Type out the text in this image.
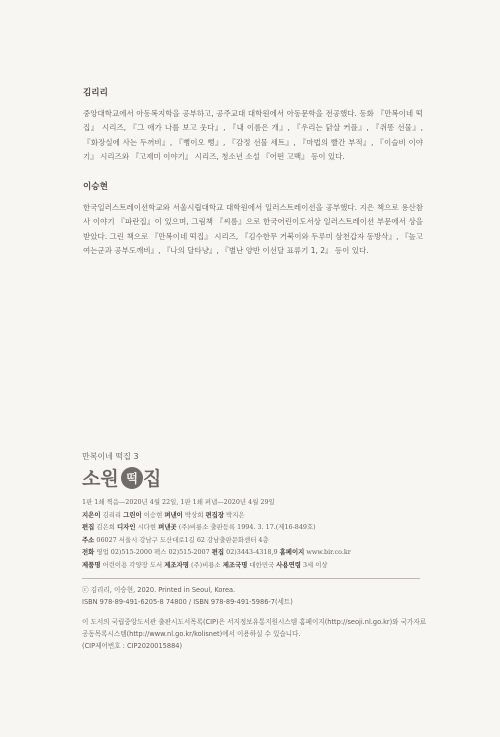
김리리

중앙대학교에서 아동복지학을 공부하고, 공주교대 대학원에서 아동문학을 전공했다. 동화 『만복이네 떡집』 시리즈, 『그 애가 나를 보고 웃다』, 『내 이름은 개』, 『우리는 닭살 커플』, 『쥐똥 선물』, 『화장실에 사는 두꺼비』, 『뻥이오 뻥』, 『감정 선물 세트』, 『마법의 빨간 부적』, 『이슬비 이야기』 시리즈와 『고제미 이야기』 시리즈, 청소년 소설 『어떤 고백』 등이 있다.

이승현

한국일러스트레이션학교와 서울시립대학교 대학원에서 일러스트레이션을 공부했다. 지은 책으로 용산참사 이야기 『파란집』이 있으며, 그림책 『씨름』으로 한국어린이도서상 일러스트레이션 부문에서 상을 받았다. 그린 책으로 『만복이네 떡집』 시리즈, 『김수한무 거북이와 두루미 삼천갑자 동방삭』, 『높고여는군과 공부도깨비』, 『나의 달타냥』, 『별난 양반 이선달 표류기 1, 2』 등이 있다.

만복이네 떡집 3
소원 떡 집
1판 1쇄 찍음—2020년 4월 22일, 1판 1쇄 펴냄—2020년 4월 29일
지은이 김리리 그린이 이승현 펴낸이 박상희 편집장 박지은
편집 김은희 디자인 시다현 펴낸곳 (주)비룡소 출판등록 1994. 3. 17.(제16-849호)
주소 06027 서울시 강남구 도산대로1길 62 강남출판문화센터 4층
전화 영업 02)515-2000 팩스 02)515-2007 편집 02)3443-4318,9 홈페이지 www.bir.co.kr
제품명 어린이용 각양장 도서 제조자명 (주)비룡소 제조국명 대한민국 사용연령 3세 이상
ⓒ 김리리, 이승현, 2020. Printed in Seoul, Korea.
ISBN 978-89-491-6205-8 74800 / ISBN 978-89-491-5986-7(세트)
이 도서의 국립중앙도서관 출판시도서목록(CIP)은 서지정보유통지원시스템 홈페이지(http://seoji.nl.go.kr)와 국가자료공동목록시스템(http://www.nl.go.kr/kolisnet)에서 이용하실 수 있습니다.
(CIP제어번호 : CIP2020015884)
